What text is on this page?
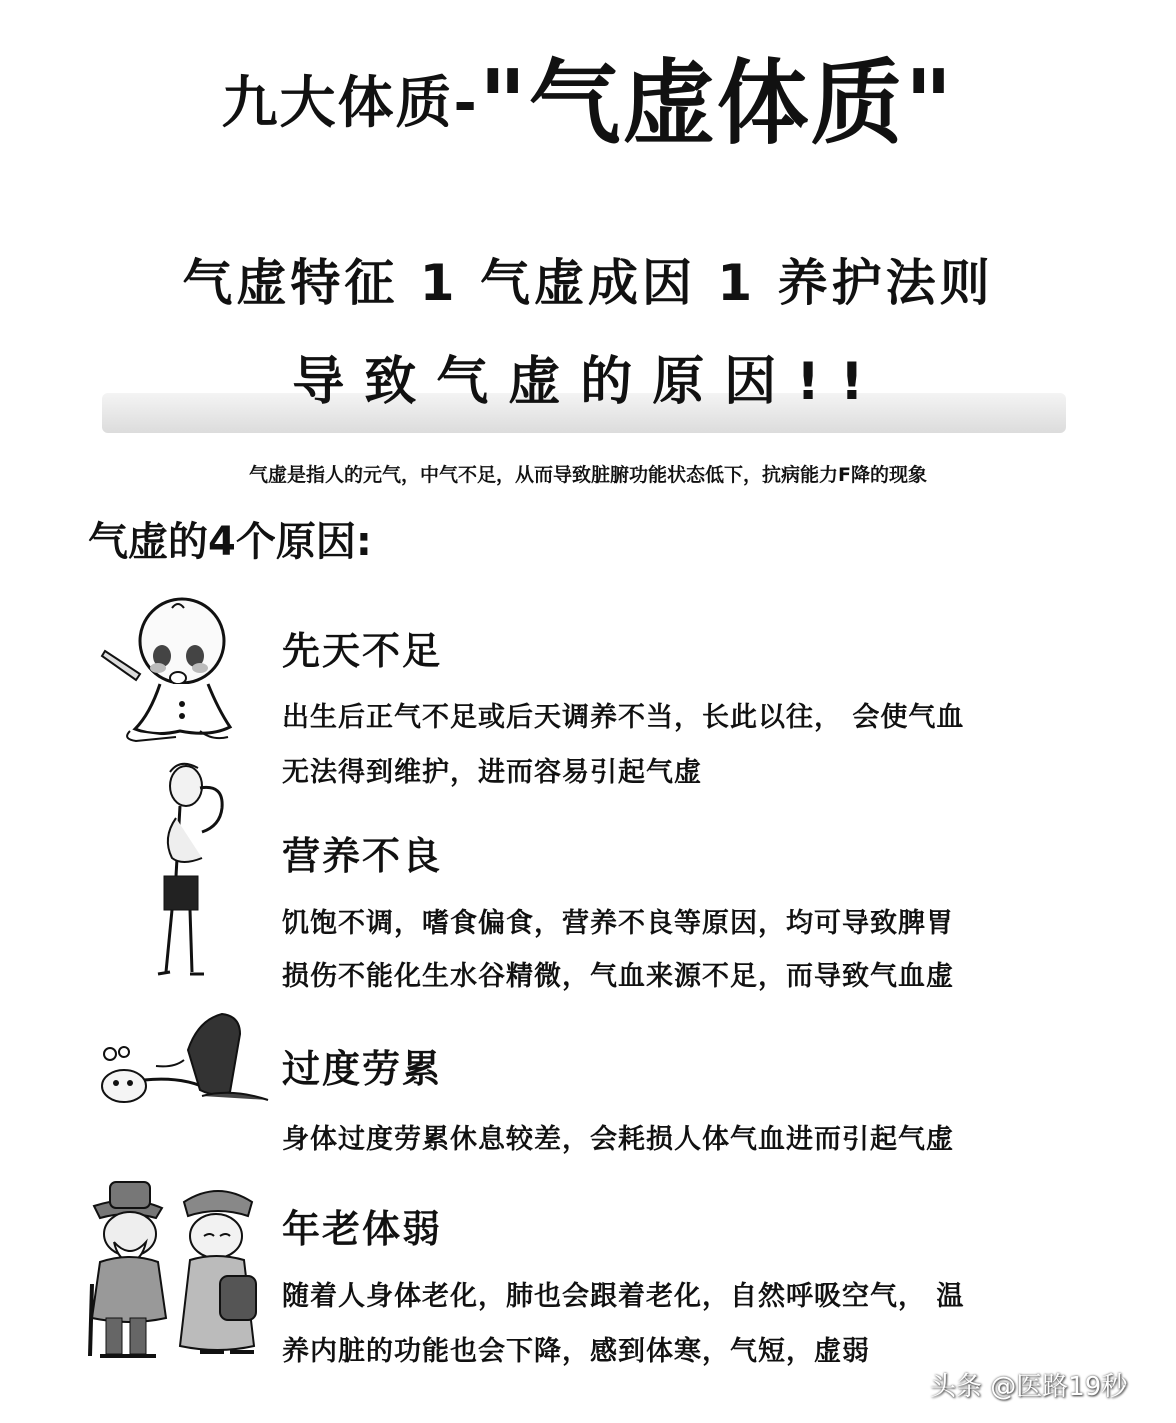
九大体质-"气虚体质"
气虚特征 1 气虚成因 1 养护法则
导致气虚的原因!!
气虚是指人的元气，中气不足，从而导致脏腑功能状态低下，抗病能力F降的现象
气虚的4个原因:
先天不足
出生后正气不足或后天调养不当，长此以往， 会使气血
无法得到维护，进而容易引起气虚
营养不良
饥饱不调，嗜食偏食，营养不良等原因，均可导致脾胃
损伤不能化生水谷精微，气血来源不足，而导致气血虚
过度劳累
身体过度劳累休息较差，会耗损人体气血进而引起气虚
年老体弱
随着人身体老化，肺也会跟着老化，自然呼吸空气， 温
养内脏的功能也会下降，感到体寒，气短，虚弱
头条 @医路19秒
